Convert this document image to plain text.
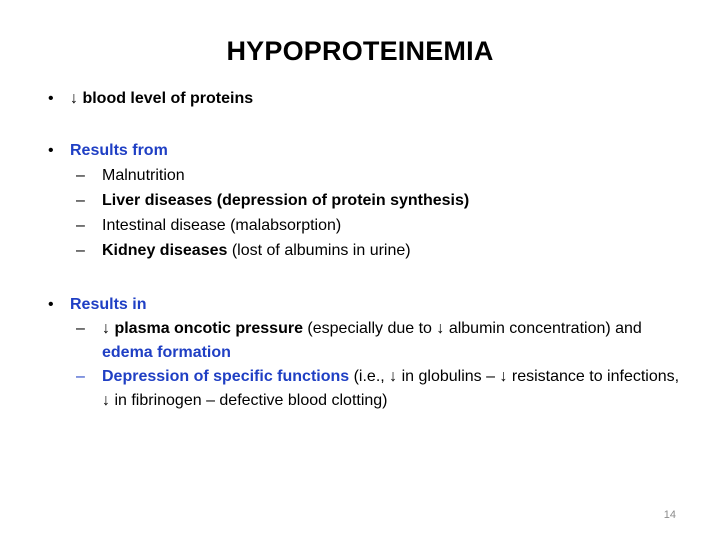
HYPOPROTEINEMIA
• ↓ blood level of proteins
• Results from
– Malnutrition
– Liver diseases (depression of protein synthesis)
– Intestinal disease (malabsorption)
– Kidney diseases (lost of albumins in urine)
• Results in
– ↓ plasma oncotic pressure (especially due to ↓ albumin concentration) and edema formation
– Depression of specific functions (i.e., ↓ in globulins – ↓ resistance to infections, ↓ in fibrinogen – defective blood clotting)
14
